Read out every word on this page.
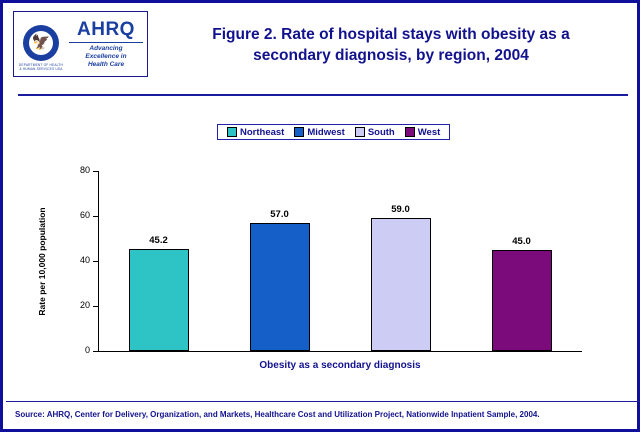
🦅
DEPARTMENT OF HEALTH & HUMAN SERVICES USA
AHRQ
Advancing
Excellence in
Health Care
Figure 2. Rate of hospital stays with obesity as a
secondary diagnosis, by region, 2004
Northeast Midwest South West
0
20
40
60
80
45.2
57.0	59.0
45.0
Rate per 10,000 population
Obesity as a secondary diagnosis
Source: AHRQ, Center for Delivery, Organization, and Markets, Healthcare Cost and Utilization Project, Nationwide Inpatient Sample, 2004.
